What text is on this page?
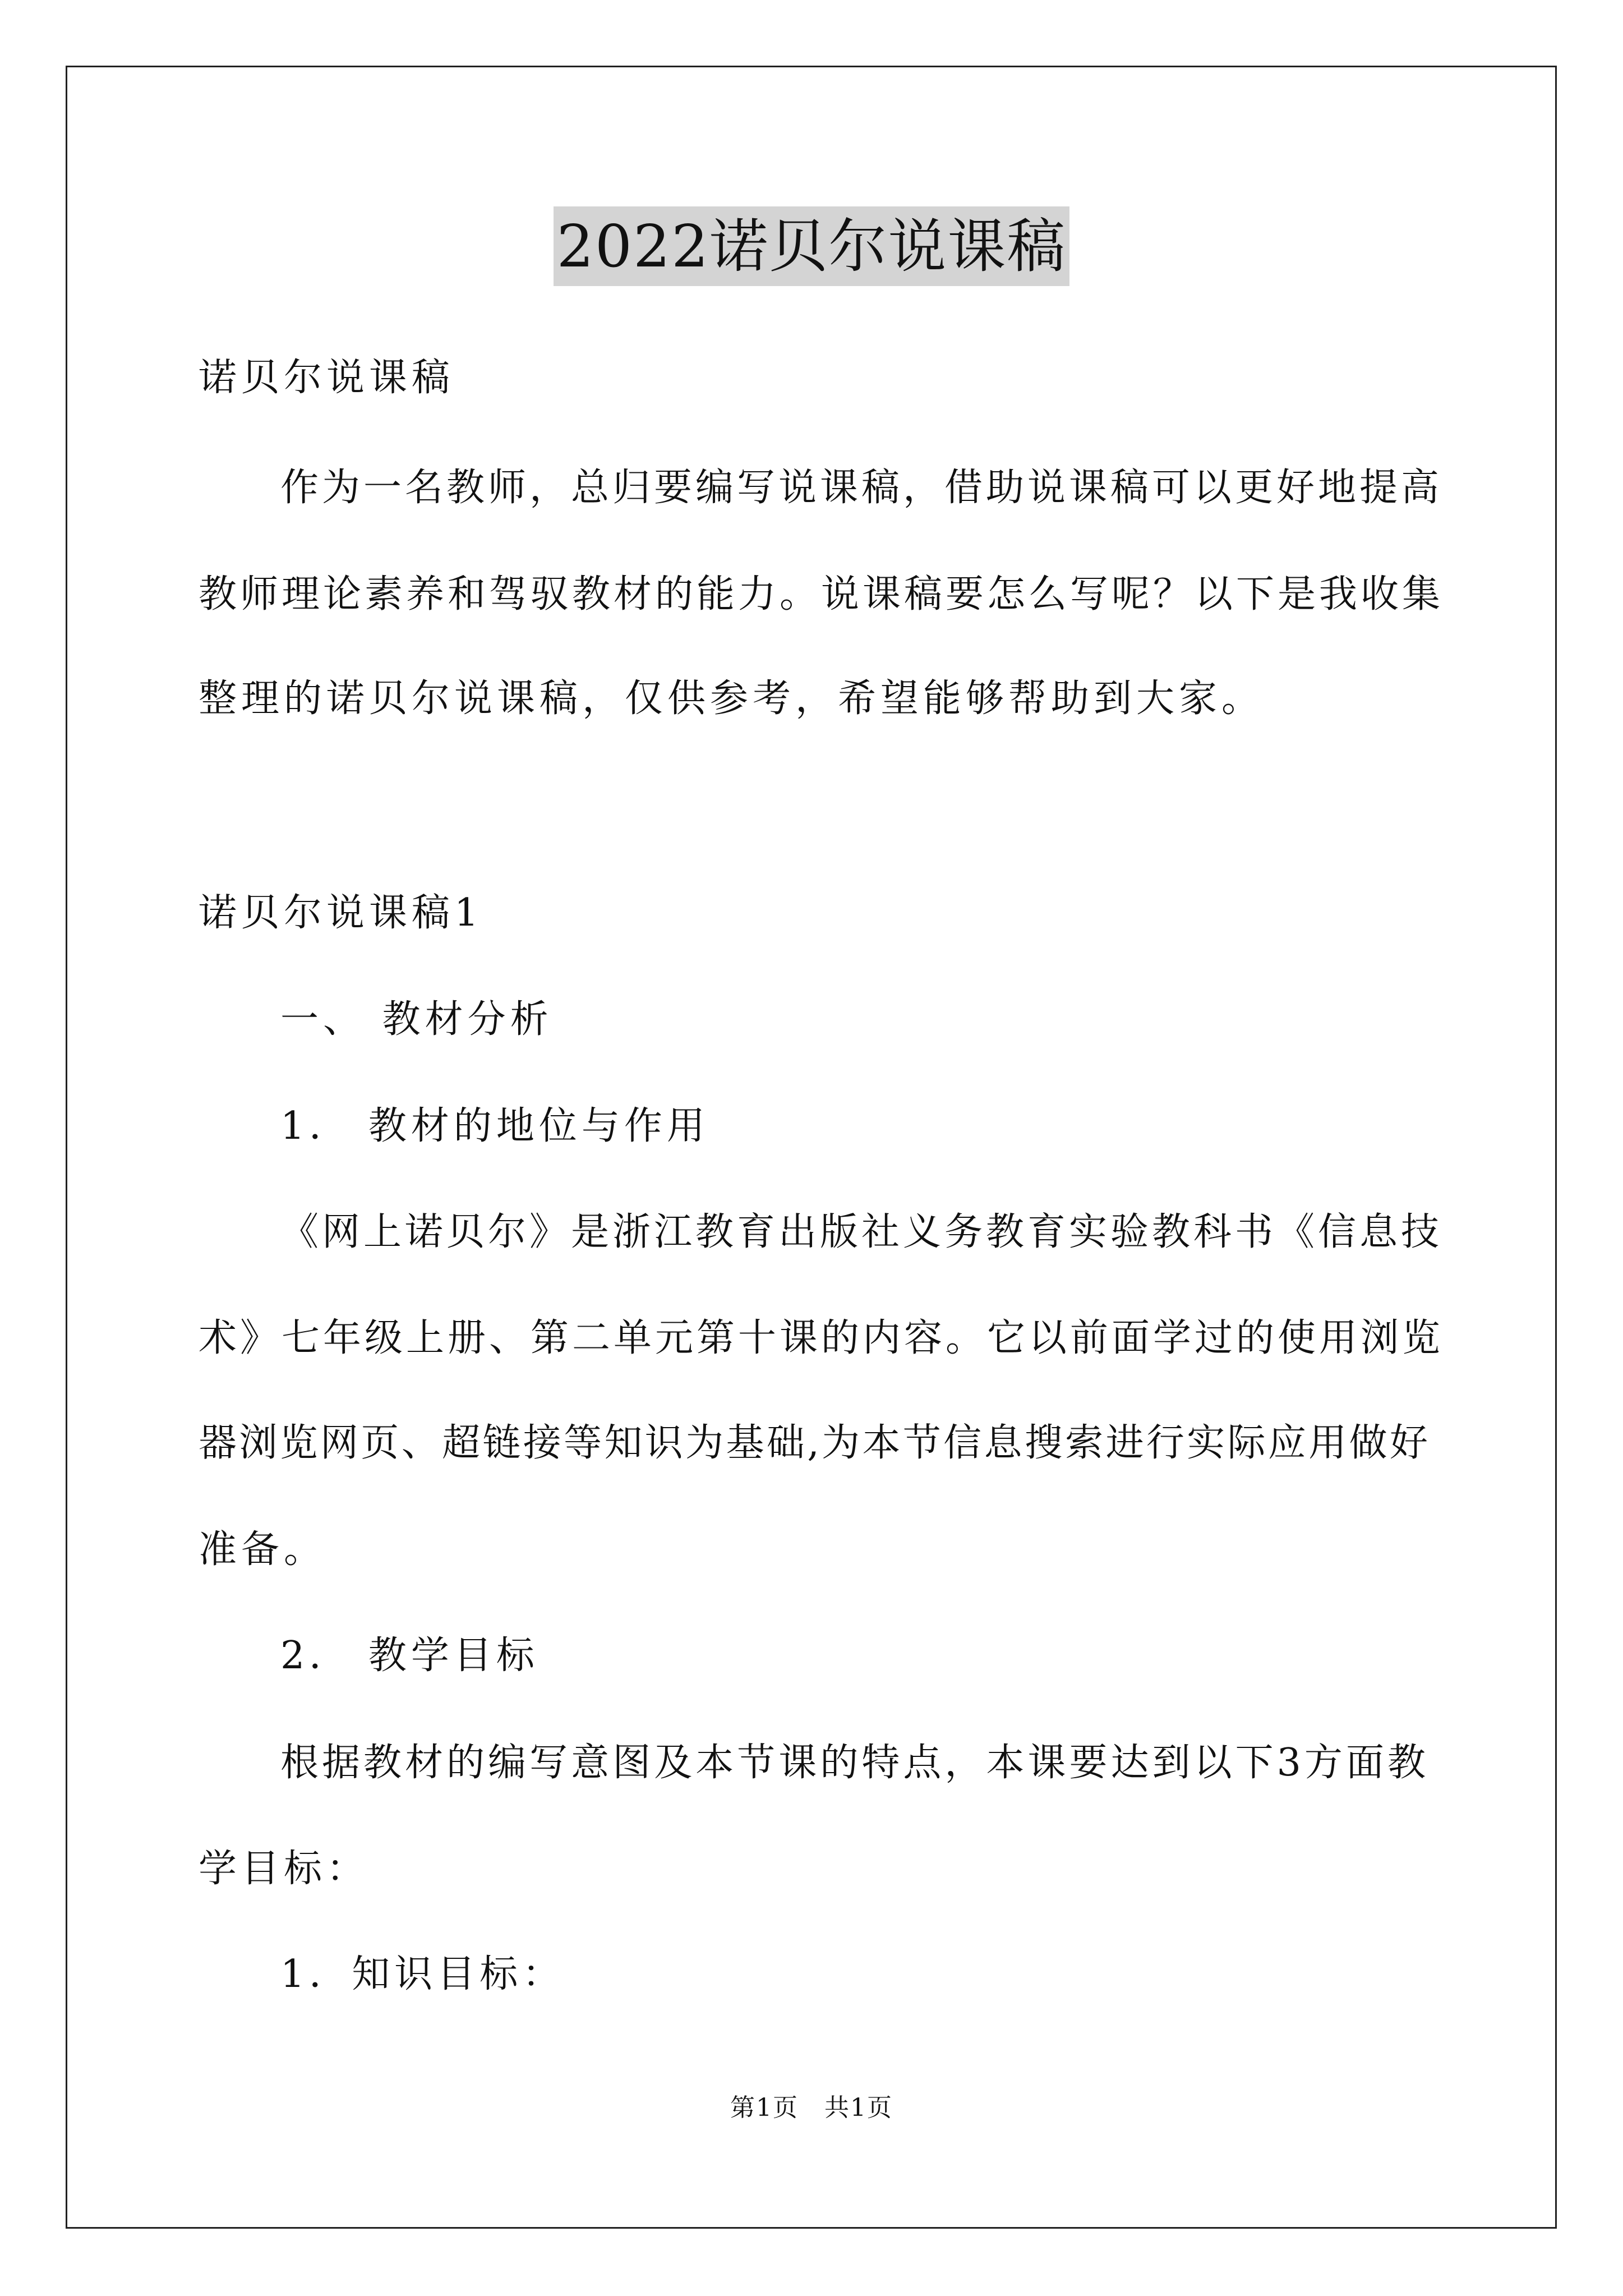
2022诺贝尔说课稿
诺贝尔说课稿
作为一名教师，总归要编写说课稿，借助说课稿可以更好地提高
教师理论素养和驾驭教材的能力。说课稿要怎么写呢？以下是我收集
整理的诺贝尔说课稿，仅供参考，希望能够帮助到大家。
诺贝尔说课稿1
一、 教材分析
1． 教材的地位与作用
《网上诺贝尔》是浙江教育出版社义务教育实验教科书《信息技
术》七年级上册、第二单元第十课的内容。它以前面学过的使用浏览
器浏览网页、超链接等知识为基础,为本节信息搜索进行实际应用做好
准备。
2． 教学目标
根据教材的编写意图及本节课的特点，本课要达到以下3方面教
学目标：
1．知识目标：
第1页　共1页
